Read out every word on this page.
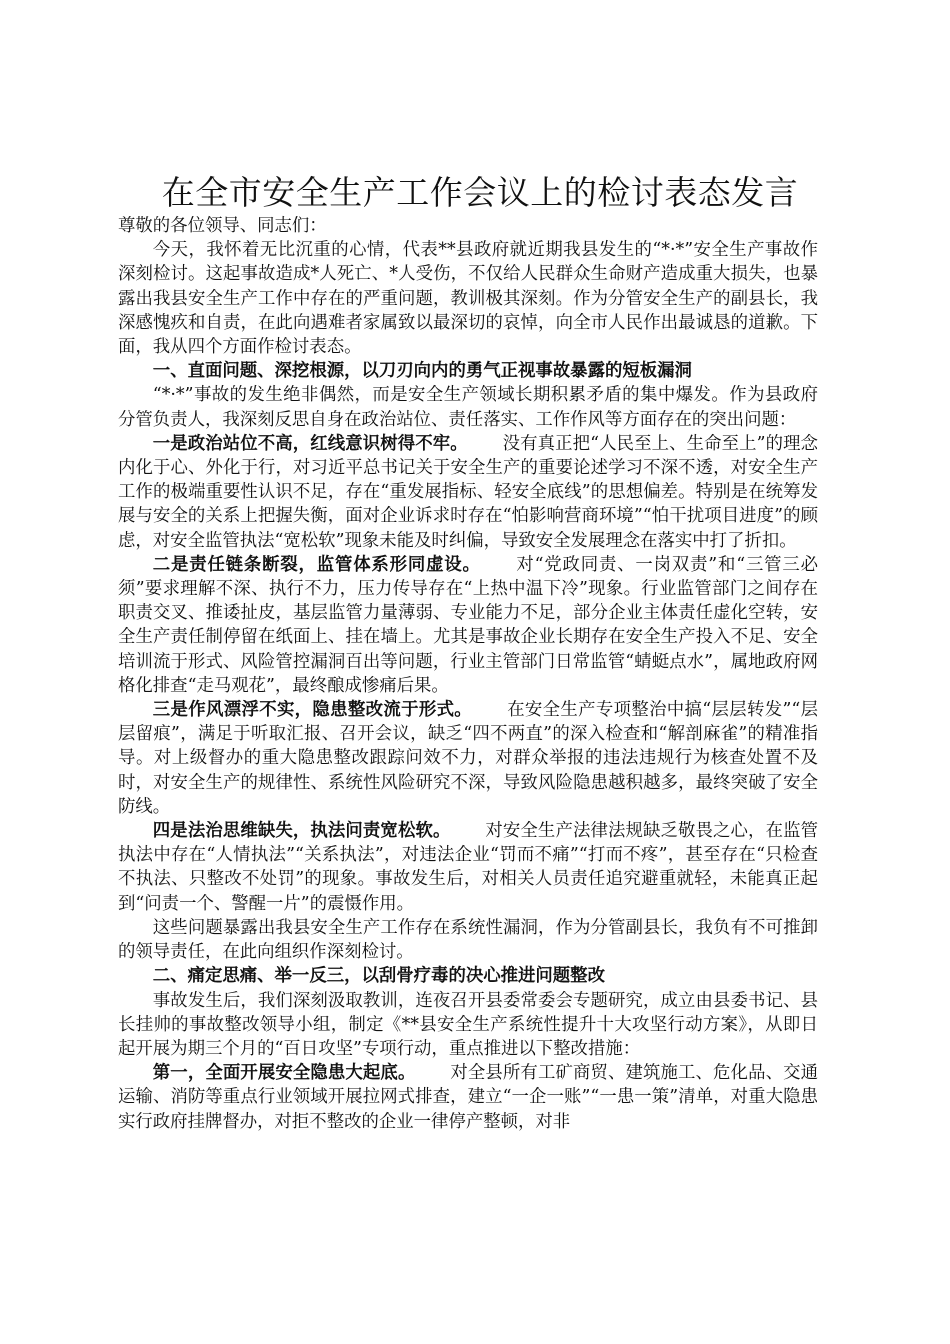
在全市安全生产工作会议上的检讨表态发言

尊敬的各位领导、同志们：

今天，我怀着无比沉重的心情，代表**县政府就近期我县发生的“*·*”安全生产事故作深刻检讨。这起事故造成*人死亡、*人受伤，不仅给人民群众生命财产造成重大损失，也暴露出我县安全生产工作中存在的严重问题，教训极其深刻。作为分管安全生产的副县长，我深感愧疚和自责，在此向遇难者家属致以最深切的哀悼，向全市人民作出最诚恳的道歉。下面，我从四个方面作检讨表态。

一、直面问题、深挖根源，以刀刃向内的勇气正视事故暴露的短板漏洞

“*·*”事故的发生绝非偶然，而是安全生产领域长期积累矛盾的集中爆发。作为县政府分管负责人，我深刻反思自身在政治站位、责任落实、工作作风等方面存在的突出问题：

一是政治站位不高，红线意识树得不牢。 没有真正把“人民至上、生命至上”的理念内化于心、外化于行，对习近平总书记关于安全生产的重要论述学习不深不透，对安全生产工作的极端重要性认识不足，存在“重发展指标、轻安全底线”的思想偏差。特别是在统筹发展与安全的关系上把握失衡，面对企业诉求时存在“怕影响营商环境”“怕干扰项目进度”的顾虑，对安全监管执法“宽松软”现象未能及时纠偏，导致安全发展理念在落实中打了折扣。

二是责任链条断裂，监管体系形同虚设。 对“党政同责、一岗双责”和“三管三必须”要求理解不深、执行不力，压力传导存在“上热中温下冷”现象。行业监管部门之间存在职责交叉、推诿扯皮，基层监管力量薄弱、专业能力不足，部分企业主体责任虚化空转，安全生产责任制停留在纸面上、挂在墙上。尤其是事故企业长期存在安全生产投入不足、安全培训流于形式、风险管控漏洞百出等问题，行业主管部门日常监管“蜻蜓点水”，属地政府网格化排查“走马观花”，最终酿成惨痛后果。

三是作风漂浮不实，隐患整改流于形式。 在安全生产专项整治中搞“层层转发”“层层留痕”，满足于听取汇报、召开会议，缺乏“四不两直”的深入检查和“解剖麻雀”的精准指导。对上级督办的重大隐患整改跟踪问效不力，对群众举报的违法违规行为核查处置不及时，对安全生产的规律性、系统性风险研究不深，导致风险隐患越积越多，最终突破了安全防线。

四是法治思维缺失，执法问责宽松软。 对安全生产法律法规缺乏敬畏之心，在监管执法中存在“人情执法”“关系执法”，对违法企业“罚而不痛”“打而不疼”，甚至存在“只检查不执法、只整改不处罚”的现象。事故发生后，对相关人员责任追究避重就轻，未能真正起到“问责一个、警醒一片”的震慑作用。

这些问题暴露出我县安全生产工作存在系统性漏洞，作为分管副县长，我负有不可推卸的领导责任，在此向组织作深刻检讨。

二、痛定思痛、举一反三，以刮骨疗毒的决心推进问题整改

事故发生后，我们深刻汲取教训，连夜召开县委常委会专题研究，成立由县委书记、县长挂帅的事故整改领导小组，制定《**县安全生产系统性提升十大攻坚行动方案》，从即日起开展为期三个月的“百日攻坚”专项行动，重点推进以下整改措施：

第一，全面开展安全隐患大起底。 对全县所有工矿商贸、建筑施工、危化品、交通运输、消防等重点行业领域开展拉网式排查，建立“一企一账”“一患一策”清单，对重大隐患实行政府挂牌督办，对拒不整改的企业一律停产整顿，对非
